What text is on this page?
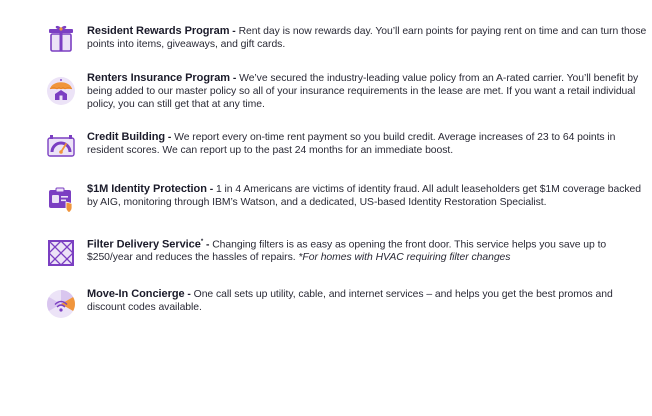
Resident Rewards Program - Rent day is now rewards day. You’ll earn points for paying rent on time and can turn those points into items, giveaways, and gift cards.
Renters Insurance Program - We’ve secured the industry-leading value policy from an A-rated carrier. You’ll benefit by being added to our master policy so all of your insurance requirements in the lease are met. If you want a retail individual policy, you can still get that at any time.
Credit Building - We report every on-time rent payment so you build credit. Average increases of 23 to 64 points in resident scores. We can report up to the past 24 months for an immediate boost.
$1M Identity Protection - 1 in 4 Americans are victims of identity fraud. All adult leaseholders get $1M coverage backed by AIG, monitoring through IBM’s Watson, and a dedicated, US-based Identity Restoration Specialist.
Filter Delivery Service* - Changing filters is as easy as opening the front door. This service helps you save up to $250/year and reduces the hassles of repairs. *For homes with HVAC requiring filter changes
Move-In Concierge - One call sets up utility, cable, and internet services – and helps you get the best promos and discount codes available.
